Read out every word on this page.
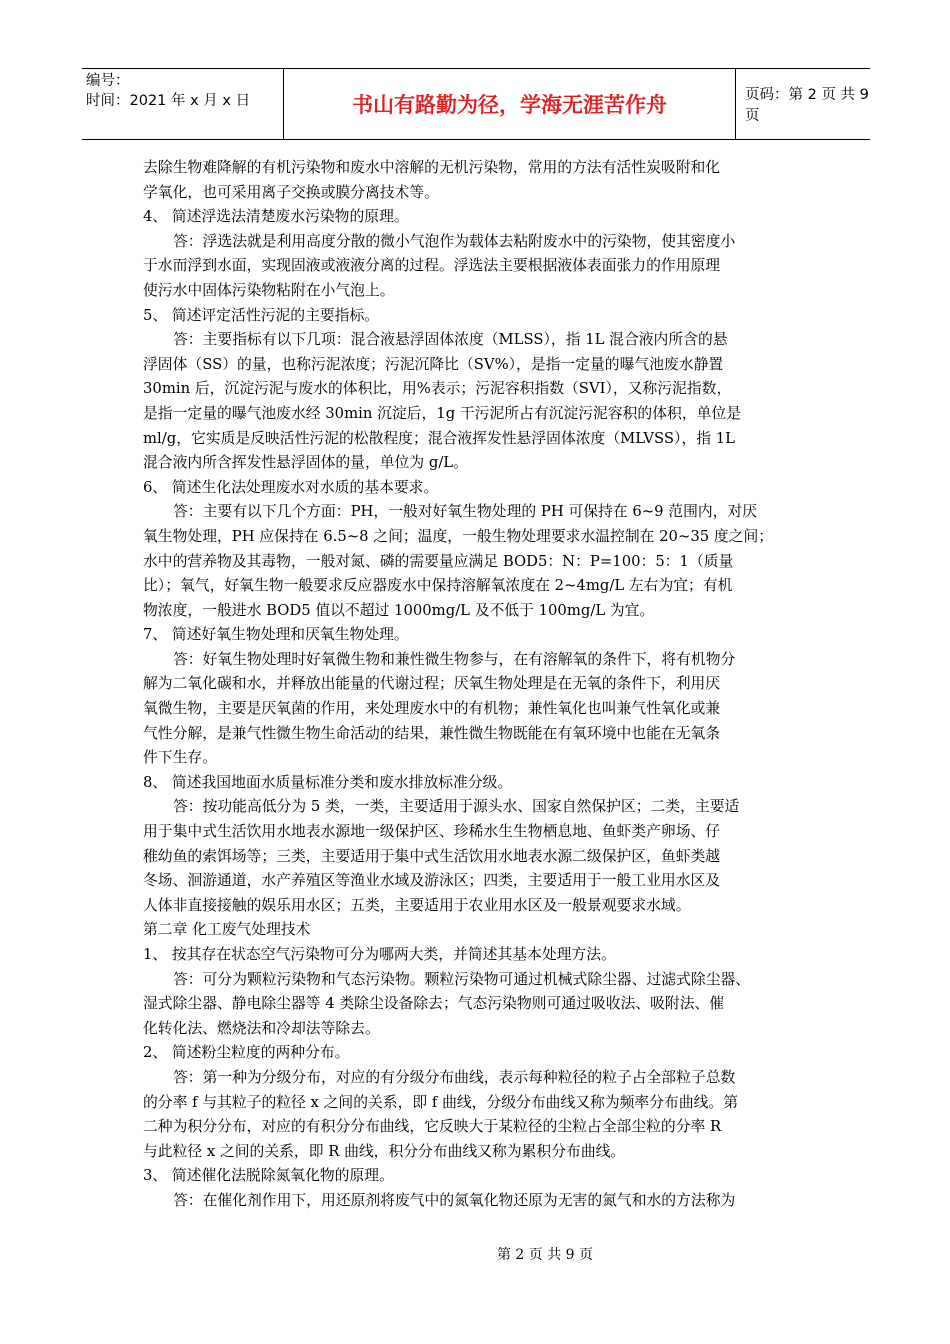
编号：
时间：2021 年 x 月 x 日	书山有路勤为径，学海无涯苦作舟	页码：第 2 页 共 9 页
去除生物难降解的有机污染物和废水中溶解的无机污染物，常用的方法有活性炭吸附和化
学氧化，也可采用离子交换或膜分离技术等。
4、 简述浮选法清楚废水污染物的原理。
答：浮选法就是利用高度分散的微小气泡作为载体去粘附废水中的污染物，使其密度小
于水而浮到水面，实现固液或液液分离的过程。浮选法主要根据液体表面张力的作用原理
使污水中固体污染物粘附在小气泡上。
5、 简述评定活性污泥的主要指标。
答：主要指标有以下几项：混合液悬浮固体浓度（MLSS），指 1L 混合液内所含的悬
浮固体（SS）的量，也称污泥浓度；污泥沉降比（SV%），是指一定量的曝气池废水静置
30min 后，沉淀污泥与废水的体积比，用%表示；污泥容积指数（SVI），又称污泥指数，
是指一定量的曝气池废水经 30min 沉淀后，1g 干污泥所占有沉淀污泥容积的体积，单位是
ml/g，它实质是反映活性污泥的松散程度；混合液挥发性悬浮固体浓度（MLVSS），指 1L
混合液内所含挥发性悬浮固体的量，单位为 g/L。
6、 简述生化法处理废水对水质的基本要求。
答：主要有以下几个方面：PH，一般对好氧生物处理的 PH 可保持在 6~9 范围内，对厌
氧生物处理，PH 应保持在 6.5~8 之间；温度，一般生物处理要求水温控制在 20~35 度之间；
水中的营养物及其毒物，一般对氮、磷的需要量应满足 BOD5：N：P=100：5：1（质量
比）；氧气，好氧生物一般要求反应器废水中保持溶解氧浓度在 2~4mg/L 左右为宜；有机
物浓度，一般进水 BOD5 值以不超过 1000mg/L 及不低于 100mg/L 为宜。
7、 简述好氧生物处理和厌氧生物处理。
答：好氧生物处理时好氧微生物和兼性微生物参与，在有溶解氧的条件下，将有机物分
解为二氧化碳和水，并释放出能量的代谢过程；厌氧生物处理是在无氧的条件下，利用厌
氧微生物，主要是厌氧菌的作用，来处理废水中的有机物；兼性氧化也叫兼气性氧化或兼
气性分解，是兼气性微生物生命活动的结果，兼性微生物既能在有氧环境中也能在无氧条
件下生存。
8、 简述我国地面水质量标准分类和废水排放标准分级。
答：按功能高低分为 5 类，一类，主要适用于源头水、国家自然保护区；二类，主要适
用于集中式生活饮用水地表水源地一级保护区、珍稀水生生物栖息地、鱼虾类产卵场、仔
稚幼鱼的索饵场等；三类，主要适用于集中式生活饮用水地表水源二级保护区，鱼虾类越
冬场、洄游通道，水产养殖区等渔业水域及游泳区；四类，主要适用于一般工业用水区及
人体非直接接触的娱乐用水区；五类，主要适用于农业用水区及一般景观要求水域。
第二章 化工废气处理技术
1、 按其存在状态空气污染物可分为哪两大类，并简述其基本处理方法。
答：可分为颗粒污染物和气态污染物。颗粒污染物可通过机械式除尘器、过滤式除尘器、
湿式除尘器、静电除尘器等 4 类除尘设备除去；气态污染物则可通过吸收法、吸附法、催
化转化法、燃烧法和冷却法等除去。
2、 简述粉尘粒度的两种分布。
答：第一种为分级分布，对应的有分级分布曲线，表示每种粒径的粒子占全部粒子总数
的分率 f 与其粒子的粒径 x 之间的关系，即 f 曲线，分级分布曲线又称为频率分布曲线。第
二种为积分分布，对应的有积分分布曲线，它反映大于某粒径的尘粒占全部尘粒的分率 R
与此粒径 x 之间的关系，即 R 曲线，积分分布曲线又称为累积分布曲线。
3、 简述催化法脱除氮氧化物的原理。
答：在催化剂作用下，用还原剂将废气中的氮氧化物还原为无害的氮气和水的方法称为
第 2 页 共 9 页
